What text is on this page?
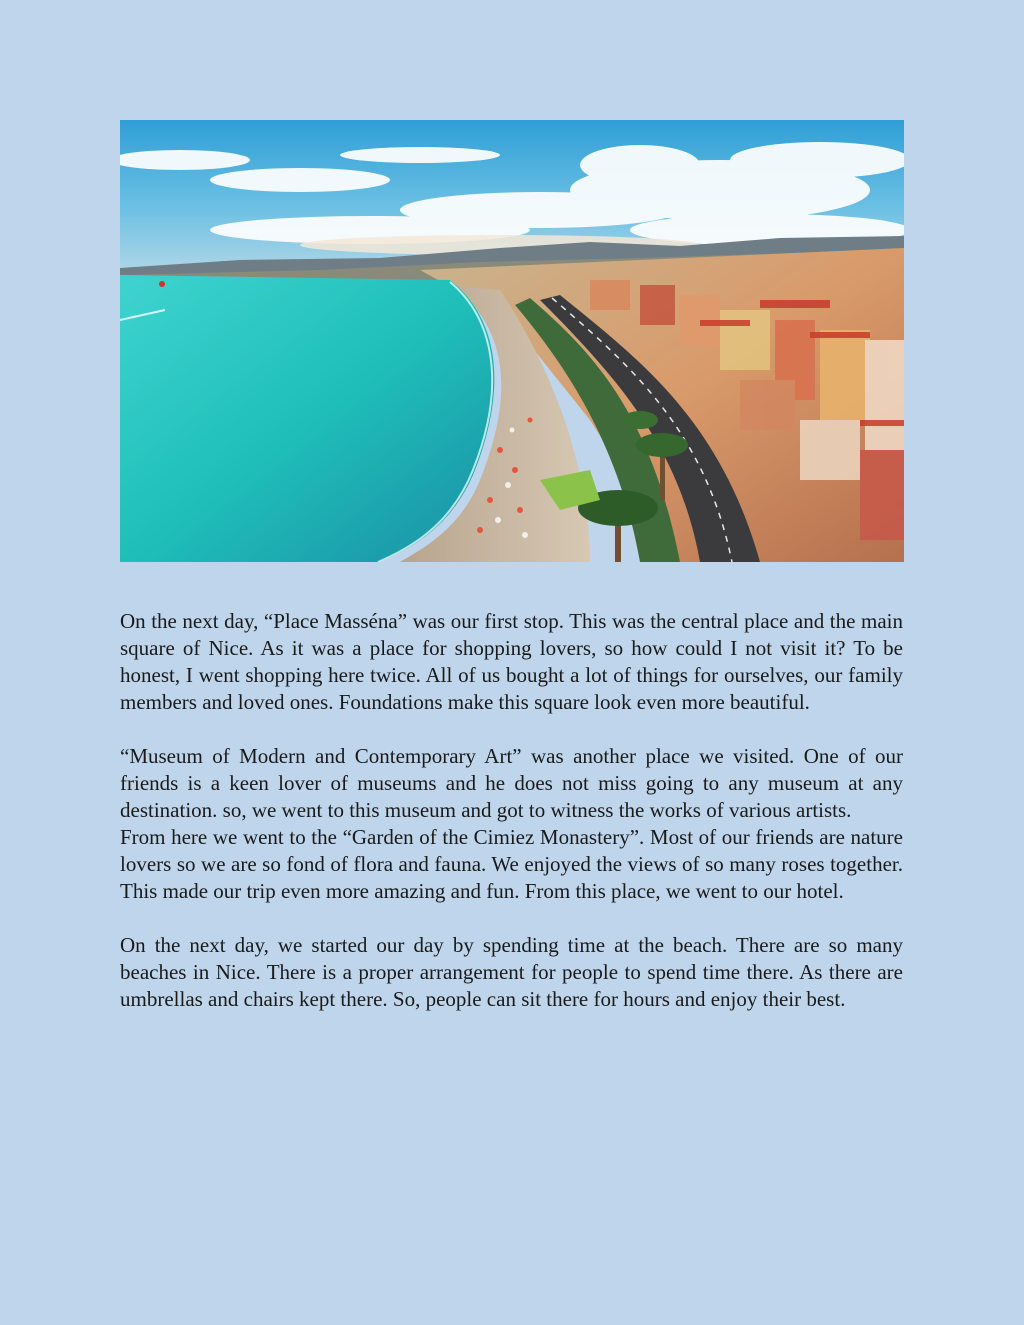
On the next day, “Place Masséna” was our first stop. This was the central place and the main square of Nice. As it was a place for shopping lovers, so how could I not visit it? To be honest, I went shopping here twice. All of us bought a lot of things for ourselves, our family members and loved ones. Foundations make this square look even more beautiful.

“Museum of Modern and Contemporary Art” was another place we visited. One of our friends is a keen lover of museums and he does not miss going to any museum at any destination. so, we went to this museum and got to witness the works of various artists.

From here we went to the “Garden of the Cimiez Monastery”. Most of our friends are nature lovers so we are so fond of flora and fauna. We enjoyed the views of so many roses together. This made our trip even more amazing and fun. From this place, we went to our hotel.

On the next day, we started our day by spending time at the beach. There are so many beaches in Nice. There is a proper arrangement for people to spend time there. As there are umbrellas and chairs kept there. So, people can sit there for hours and enjoy their best.
